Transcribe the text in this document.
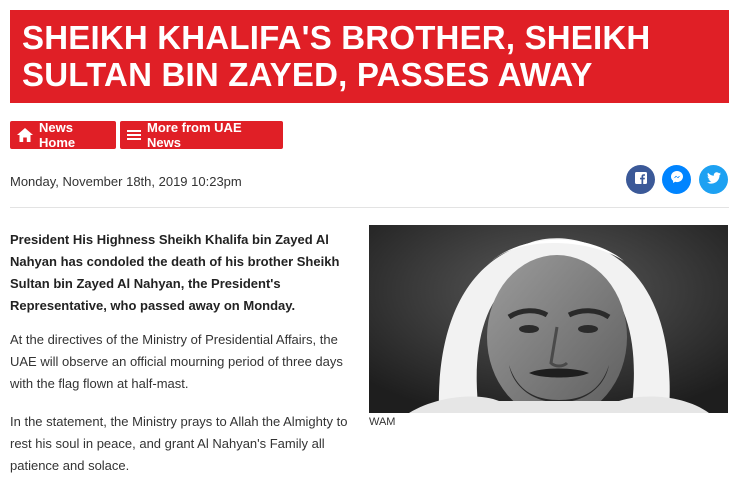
SHEIKH KHALIFA'S BROTHER, SHEIKH SULTAN BIN ZAYED, PASSES AWAY
News Home
More from UAE News
Monday, November 18th, 2019 10:23pm

President His Highness Sheikh Khalifa bin Zayed Al Nahyan has condoled the death of his brother Sheikh Sultan bin Zayed Al Nahyan, the President's Representative, who passed away on Monday.

At the directives of the Ministry of Presidential Affairs, the UAE will observe an official mourning period of three days with the flag flown at half-mast.

In the statement, the Ministry prays to Allah the Almighty to rest his soul in peace, and grant Al Nahyan's Family all patience and solace.

WAM
